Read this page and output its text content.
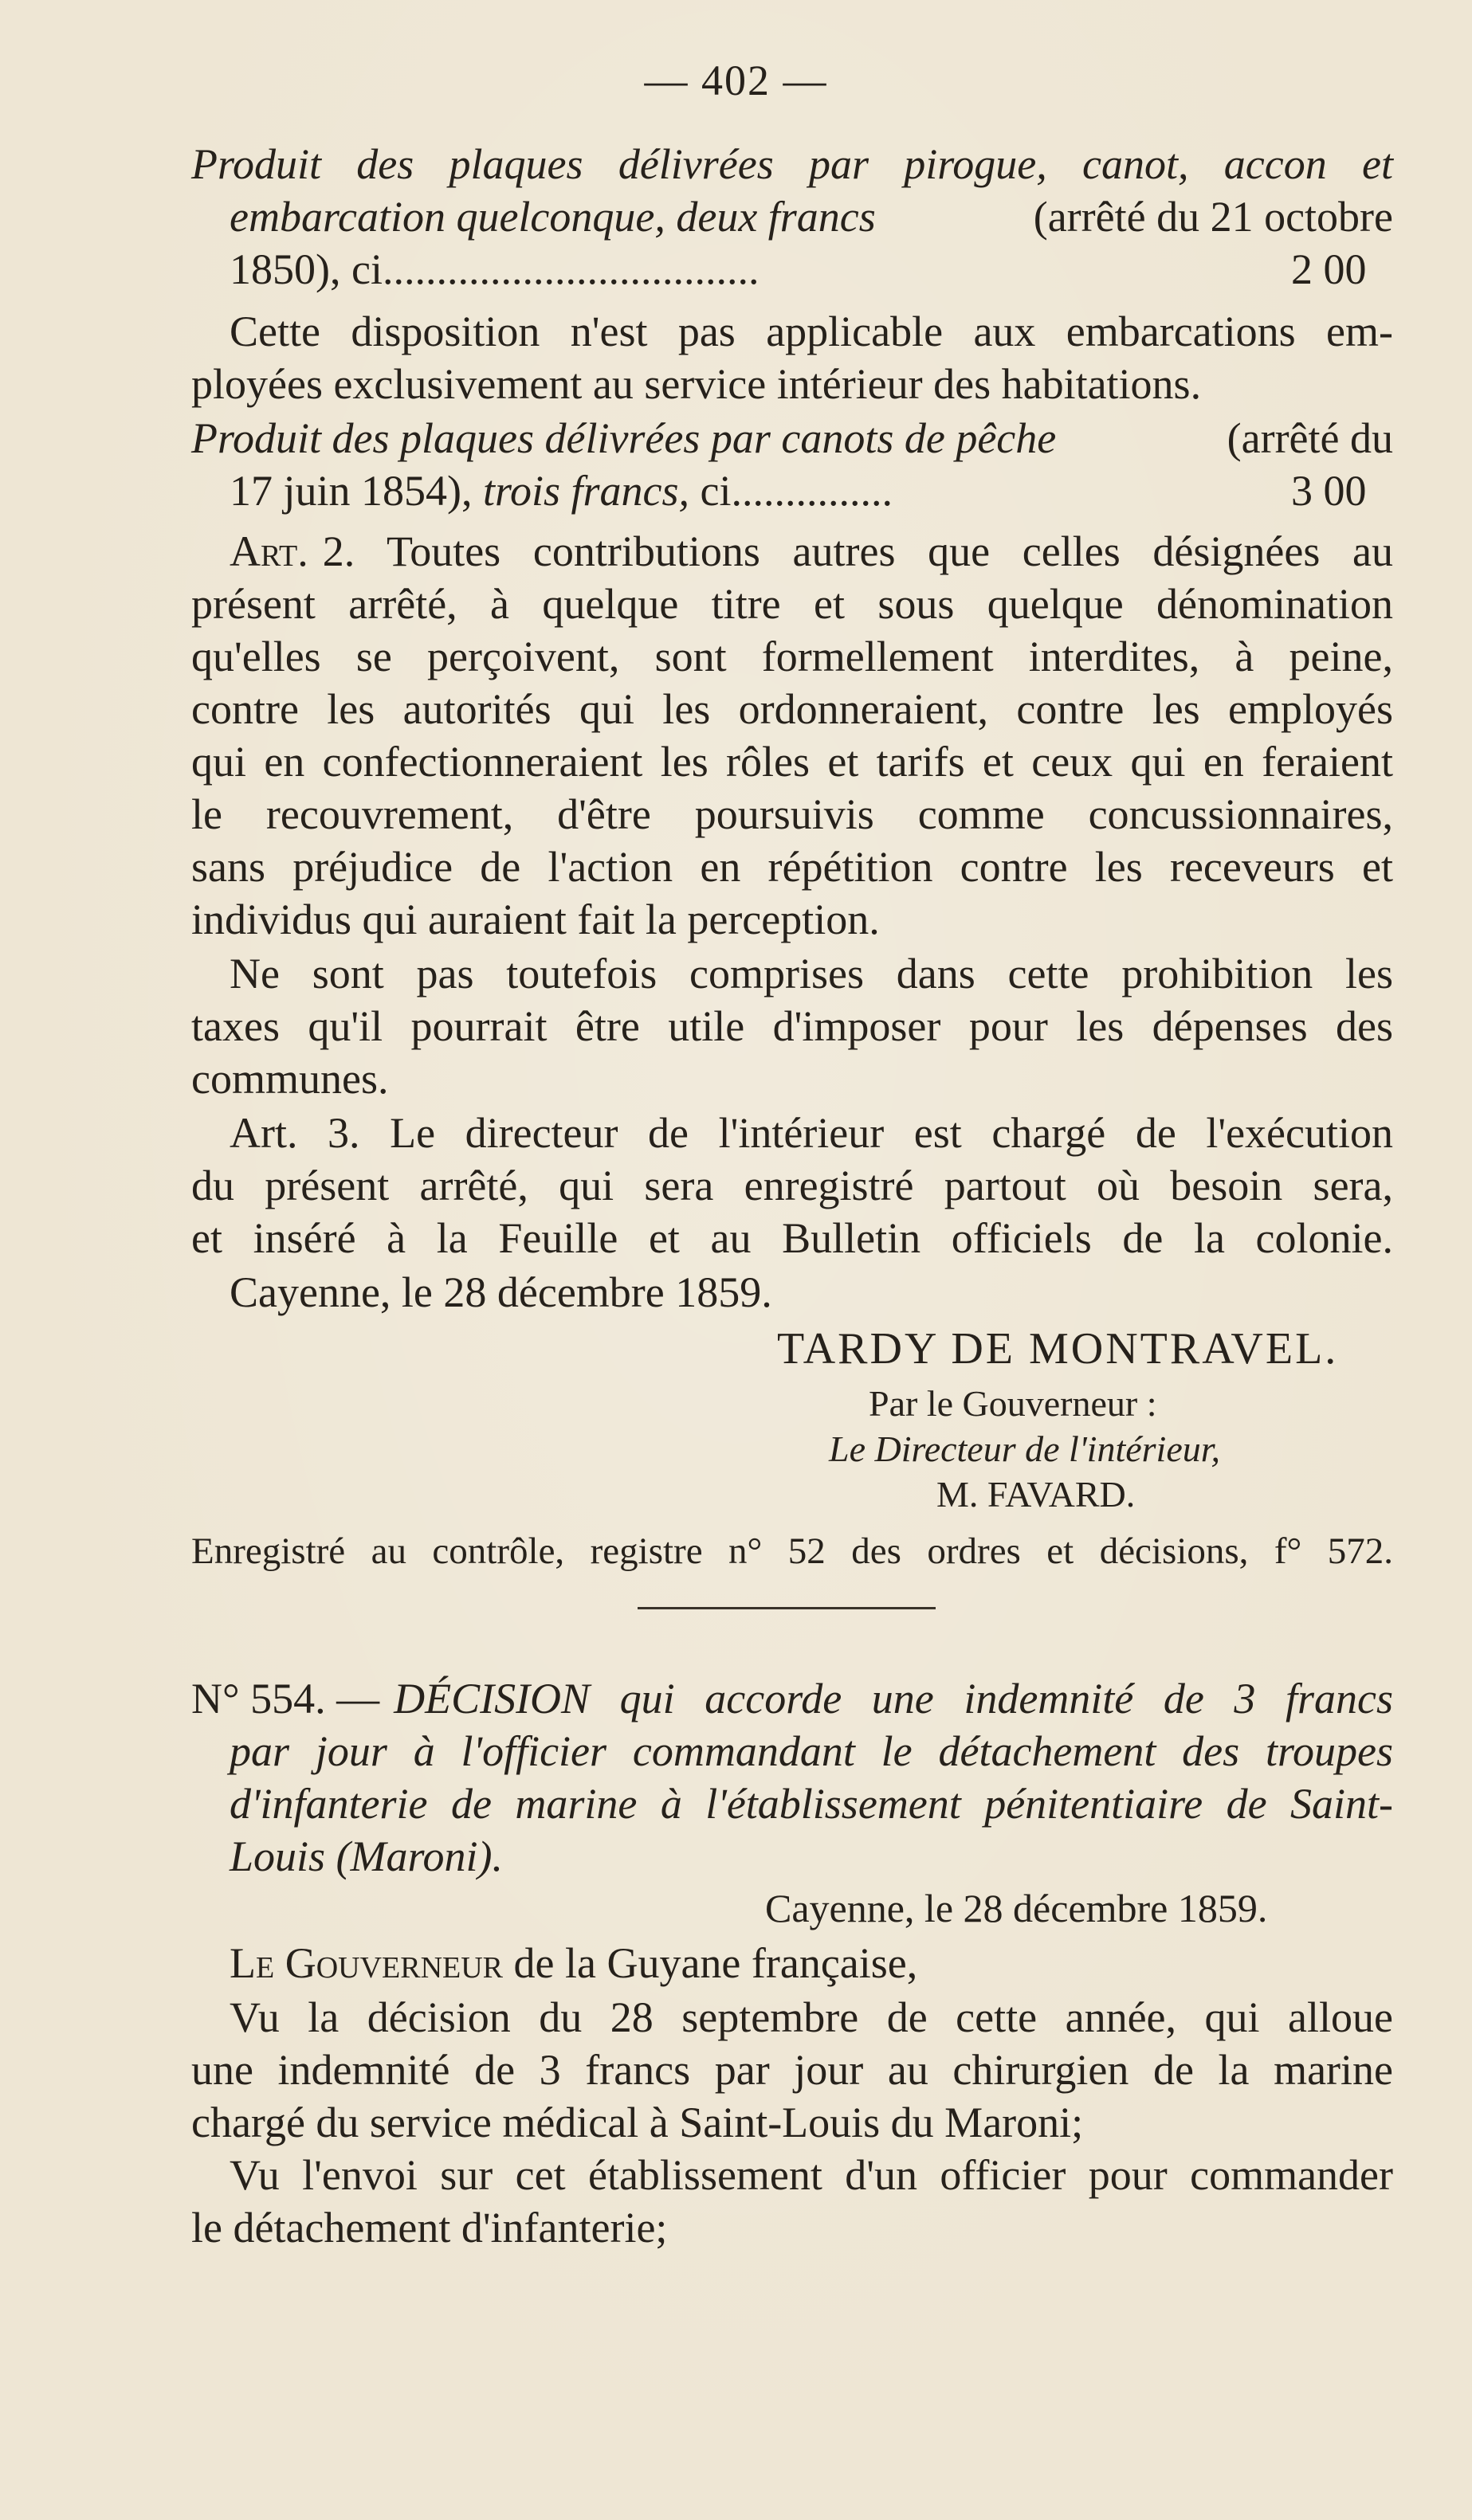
— 402 —
Produit des plaques délivrées par pirogue, canot, accon et
embarcation quelconque, deux francs	(arrêté du 21 octobre
1850), ci...................................	2 00
Cette disposition n'est pas applicable aux embarcations em-
ployées exclusivement au service intérieur des habitations.
Produit des plaques délivrées par canots de pêche	(arrêté du
17 juin 1854), trois francs, ci...............	3 00
Art. 2. Toutes contributions autres que celles désignées au
présent arrêté, à quelque titre et sous quelque dénomination
qu'elles se perçoivent, sont formellement interdites, à peine,
contre les autorités qui les ordonneraient, contre les employés
qui en confectionneraient les rôles et tarifs et ceux qui en feraient
le recouvrement, d'être poursuivis comme concussionnaires,
sans préjudice de l'action en répétition contre les receveurs et
individus qui auraient fait la perception.
Ne sont pas toutefois comprises dans cette prohibition les
taxes qu'il pourrait être utile d'imposer pour les dépenses des
communes.
Art. 3. Le directeur de l'intérieur est chargé de l'exécution
du présent arrêté, qui sera enregistré partout où besoin sera,
et inséré à la Feuille et au Bulletin officiels de la colonie.
Cayenne, le 28 décembre 1859.
TARDY DE MONTRAVEL.
Par le Gouverneur :
Le Directeur de l'intérieur,
M. FAVARD.
Enregistré au contrôle, registre n° 52 des ordres et décisions, f° 572.
N° 554. — DÉCISION qui accorde une indemnité de 3 francs
par jour à l'officier commandant le détachement des troupes
d'infanterie de marine à l'établissement pénitentiaire de Saint-
Louis (Maroni).
Cayenne, le 28 décembre 1859.
Le Gouverneur de la Guyane française,
Vu la décision du 28 septembre de cette année, qui alloue
une indemnité de 3 francs par jour au chirurgien de la marine
chargé du service médical à Saint-Louis du Maroni;
Vu l'envoi sur cet établissement d'un officier pour commander
le détachement d'infanterie;
